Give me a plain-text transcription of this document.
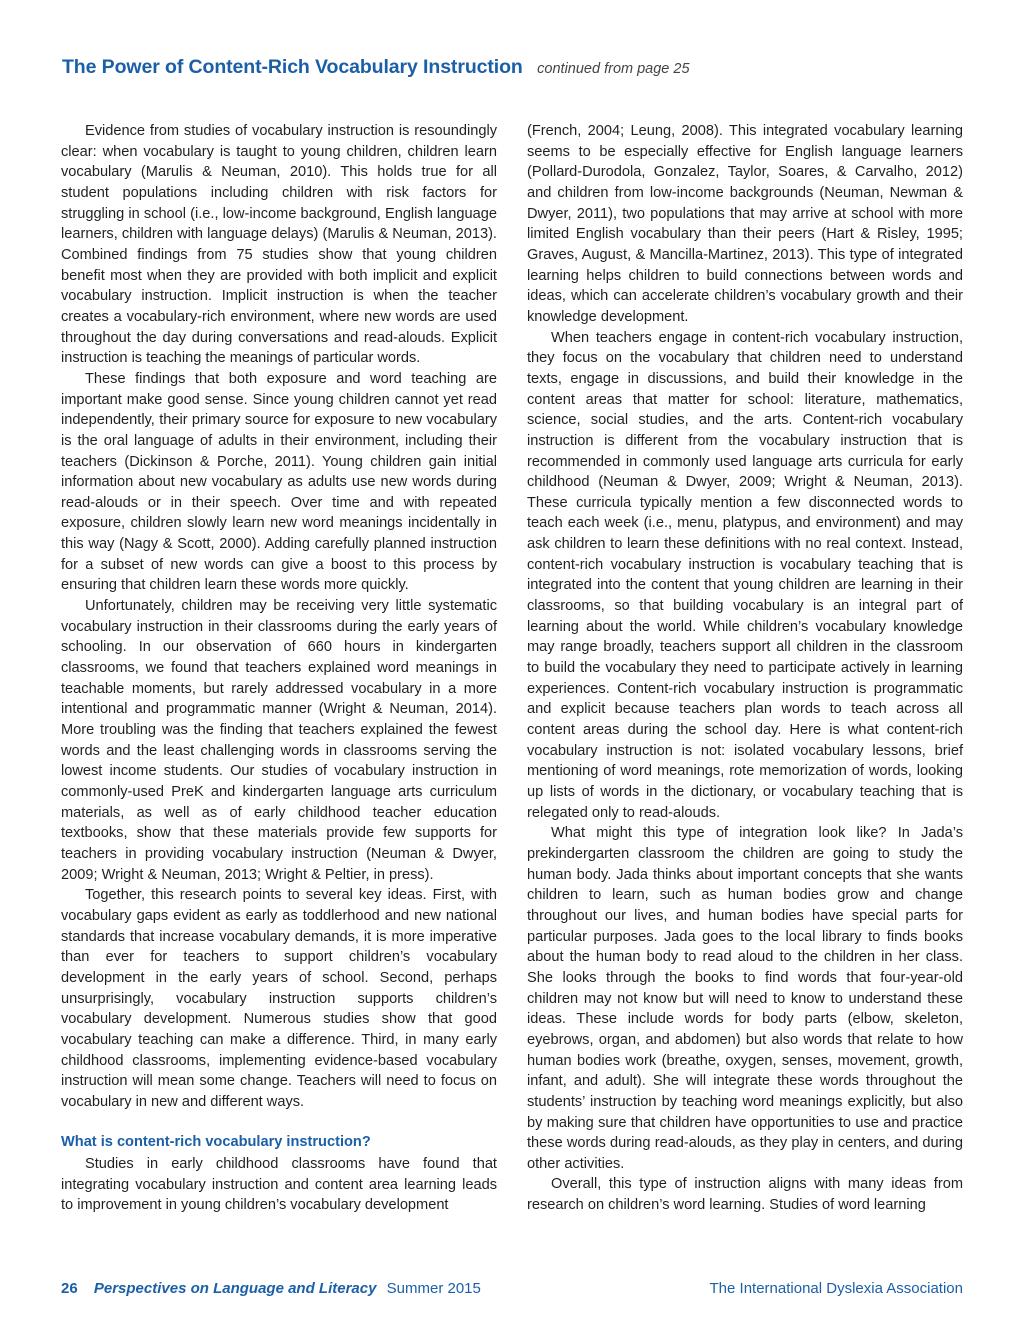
The Power of Content-Rich Vocabulary Instruction continued from page 25

Evidence from studies of vocabulary instruction is resoundingly clear: when vocabulary is taught to young children, children learn vocabulary (Marulis & Neuman, 2010). This holds true for all student populations including children with risk factors for struggling in school (i.e., low-income background, English language learners, children with language delays) (Marulis & Neuman, 2013). Combined findings from 75 studies show that young children benefit most when they are provided with both implicit and explicit vocabulary instruction. Implicit instruction is when the teacher creates a vocabulary-rich environment, where new words are used throughout the day during conversations and read-alouds. Explicit instruction is teaching the meanings of particular words.

These findings that both exposure and word teaching are important make good sense. Since young children cannot yet read independently, their primary source for exposure to new vocabulary is the oral language of adults in their environment, including their teachers (Dickinson & Porche, 2011). Young children gain initial information about new vocabulary as adults use new words during read-alouds or in their speech. Over time and with repeated exposure, children slowly learn new word meanings incidentally in this way (Nagy & Scott, 2000). Adding carefully planned instruction for a subset of new words can give a boost to this process by ensuring that children learn these words more quickly.

Unfortunately, children may be receiving very little systematic vocabulary instruction in their classrooms during the early years of schooling. In our observation of 660 hours in kindergarten classrooms, we found that teachers explained word meanings in teachable moments, but rarely addressed vocabulary in a more intentional and programmatic manner (Wright & Neuman, 2014). More troubling was the finding that teachers explained the fewest words and the least challenging words in classrooms serving the lowest income students. Our studies of vocabulary instruction in commonly-used PreK and kindergarten language arts curriculum materials, as well as of early childhood teacher education textbooks, show that these materials provide few supports for teachers in providing vocabulary instruction (Neuman & Dwyer, 2009; Wright & Neuman, 2013; Wright & Peltier, in press).

Together, this research points to several key ideas. First, with vocabulary gaps evident as early as toddlerhood and new national standards that increase vocabulary demands, it is more imperative than ever for teachers to support children’s vocabulary development in the early years of school. Second, perhaps unsurprisingly, vocabulary instruction supports children’s vocabulary development. Numerous studies show that good vocabulary teaching can make a difference. Third, in many early childhood classrooms, implementing evidence-based vocabulary instruction will mean some change. Teachers will need to focus on vocabulary in new and different ways.

What is content-rich vocabulary instruction?

Studies in early childhood classrooms have found that integrating vocabulary instruction and content area learning leads to improvement in young children’s vocabulary development

(French, 2004; Leung, 2008). This integrated vocabulary learning seems to be especially effective for English language learners (Pollard-Durodola, Gonzalez, Taylor, Soares, & Carvalho, 2012) and children from low-income backgrounds (Neuman, Newman & Dwyer, 2011), two populations that may arrive at school with more limited English vocabulary than their peers (Hart & Risley, 1995; Graves, August, & Mancilla-Martinez, 2013). This type of integrated learning helps children to build connections between words and ideas, which can accelerate children’s vocabulary growth and their knowledge development.

When teachers engage in content-rich vocabulary instruction, they focus on the vocabulary that children need to understand texts, engage in discussions, and build their knowledge in the content areas that matter for school: literature, mathematics, science, social studies, and the arts. Content-rich vocabulary instruction is different from the vocabulary instruction that is recommended in commonly used language arts curricula for early childhood (Neuman & Dwyer, 2009; Wright & Neuman, 2013). These curricula typically mention a few disconnected words to teach each week (i.e., menu, platypus, and environment) and may ask children to learn these definitions with no real context. Instead, content-rich vocabulary instruction is vocabulary teaching that is integrated into the content that young children are learning in their classrooms, so that building vocabulary is an integral part of learning about the world. While children’s vocabulary knowledge may range broadly, teachers support all children in the classroom to build the vocabulary they need to participate actively in learning experiences. Content-rich vocabulary instruction is programmatic and explicit because teachers plan words to teach across all content areas during the school day. Here is what content-rich vocabulary instruction is not: isolated vocabulary lessons, brief mentioning of word meanings, rote memorization of words, looking up lists of words in the dictionary, or vocabulary teaching that is relegated only to read-alouds.

What might this type of integration look like? In Jada’s prekindergarten classroom the children are going to study the human body. Jada thinks about important concepts that she wants children to learn, such as human bodies grow and change throughout our lives, and human bodies have special parts for particular purposes. Jada goes to the local library to finds books about the human body to read aloud to the children in her class. She looks through the books to find words that four-year-old children may not know but will need to know to understand these ideas. These include words for body parts (elbow, skeleton, eyebrows, organ, and abdomen) but also words that relate to how human bodies work (breathe, oxygen, senses, movement, growth, infant, and adult). She will integrate these words throughout the students’ instruction by teaching word meanings explicitly, but also by making sure that children have opportunities to use and practice these words during read-alouds, as they play in centers, and during other activities.

Overall, this type of instruction aligns with many ideas from research on children’s word learning. Studies of word learning

26 Perspectives on Language and Literacy Summer 2015	The International Dyslexia Association
